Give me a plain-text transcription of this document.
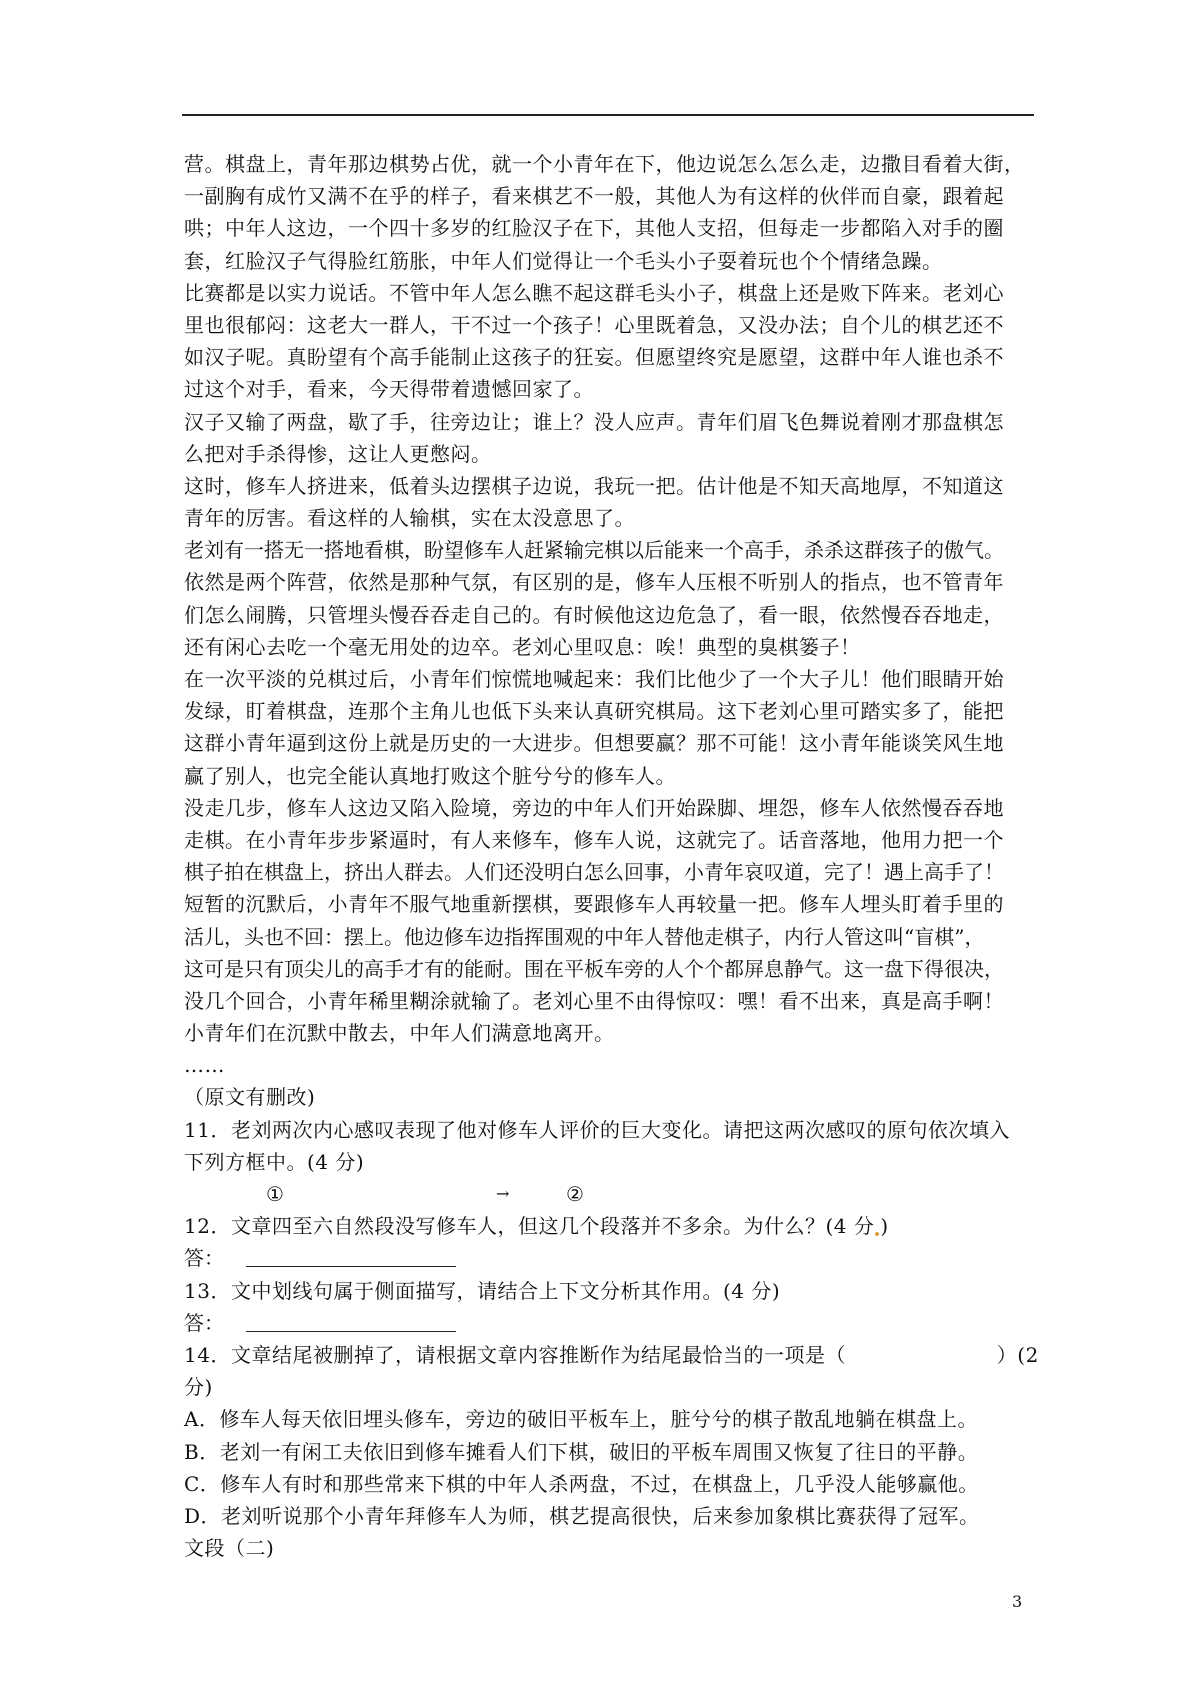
营。棋盘上，青年那边棋势占优，就一个小青年在下，他边说怎么怎么走，边撒目看着大街，
一副胸有成竹又满不在乎的样子，看来棋艺不一般，其他人为有这样的伙伴而自豪，跟着起
哄；中年人这边，一个四十多岁的红脸汉子在下，其他人支招，但每走一步都陷入对手的圈
套，红脸汉子气得脸红筋胀，中年人们觉得让一个毛头小子耍着玩也个个情绪急躁。
比赛都是以实力说话。不管中年人怎么瞧不起这群毛头小子，棋盘上还是败下阵来。老刘心
里也很郁闷：这老大一群人，干不过一个孩子！心里既着急，又没办法；自个儿的棋艺还不
如汉子呢。真盼望有个高手能制止这孩子的狂妄。但愿望终究是愿望，这群中年人谁也杀不
过这个对手，看来，今天得带着遗憾回家了。
汉子又输了两盘，歇了手，往旁边让；谁上？没人应声。青年们眉飞色舞说着刚才那盘棋怎
么把对手杀得惨，这让人更憋闷。
这时，修车人挤进来，低着头边摆棋子边说，我玩一把。估计他是不知天高地厚，不知道这
青年的厉害。看这样的人输棋，实在太没意思了。
老刘有一搭无一搭地看棋，盼望修车人赶紧输完棋以后能来一个高手，杀杀这群孩子的傲气。
依然是两个阵营，依然是那种气氛，有区别的是，修车人压根不听别人的指点，也不管青年
们怎么闹腾，只管埋头慢吞吞走自己的。有时候他这边危急了，看一眼，依然慢吞吞地走，
还有闲心去吃一个毫无用处的边卒。老刘心里叹息：唉！典型的臭棋篓子！
在一次平淡的兑棋过后，小青年们惊慌地喊起来：我们比他少了一个大子儿！他们眼睛开始
发绿，盯着棋盘，连那个主角儿也低下头来认真研究棋局。这下老刘心里可踏实多了，能把
这群小青年逼到这份上就是历史的一大进步。但想要赢？那不可能！这小青年能谈笑风生地
赢了别人，也完全能认真地打败这个脏兮兮的修车人。
没走几步，修车人这边又陷入险境，旁边的中年人们开始跺脚、埋怨，修车人依然慢吞吞地
走棋。在小青年步步紧逼时，有人来修车，修车人说，这就完了。话音落地，他用力把一个
棋子拍在棋盘上，挤出人群去。人们还没明白怎么回事，小青年哀叹道，完了！遇上高手了！
短暂的沉默后，小青年不服气地重新摆棋，要跟修车人再较量一把。修车人埋头盯着手里的
活儿，头也不回：摆上。他边修车边指挥围观的中年人替他走棋子，内行人管这叫“盲棋”，
这可是只有顶尖儿的高手才有的能耐。围在平板车旁的人个个都屏息静气。这一盘下得很决，
没几个回合，小青年稀里糊涂就输了。老刘心里不由得惊叹：嘿！看不出来，真是高手啊！
小青年们在沉默中散去，中年人们满意地离开。
……
（原文有删改)
11．老刘两次内心感叹表现了他对修车人评价的巨大变化。请把这两次感叹的原句依次填入
下列方框中。(4 分)
①	→	②
12．文章四至六自然段没写修车人，但这几个段落并不多余。为什么？(4 分 )
答：
13．文中划线句属于侧面描写，请结合上下文分析其作用。(4 分)
答：
14．文章结尾被删掉了，请根据文章内容推断作为结尾最恰当的一项是（                      ）(2
分)
A．修车人每天依旧埋头修车，旁边的破旧平板车上，脏兮兮的棋子散乱地躺在棋盘上。
B．老刘一有闲工夫依旧到修车摊看人们下棋，破旧的平板车周围又恢复了往日的平静。
C．修车人有时和那些常来下棋的中年人杀两盘，不过，在棋盘上，几乎没人能够赢他。
D．老刘听说那个小青年拜修车人为师，棋艺提高很快，后来参加象棋比赛获得了冠军。
文段（二)
3
